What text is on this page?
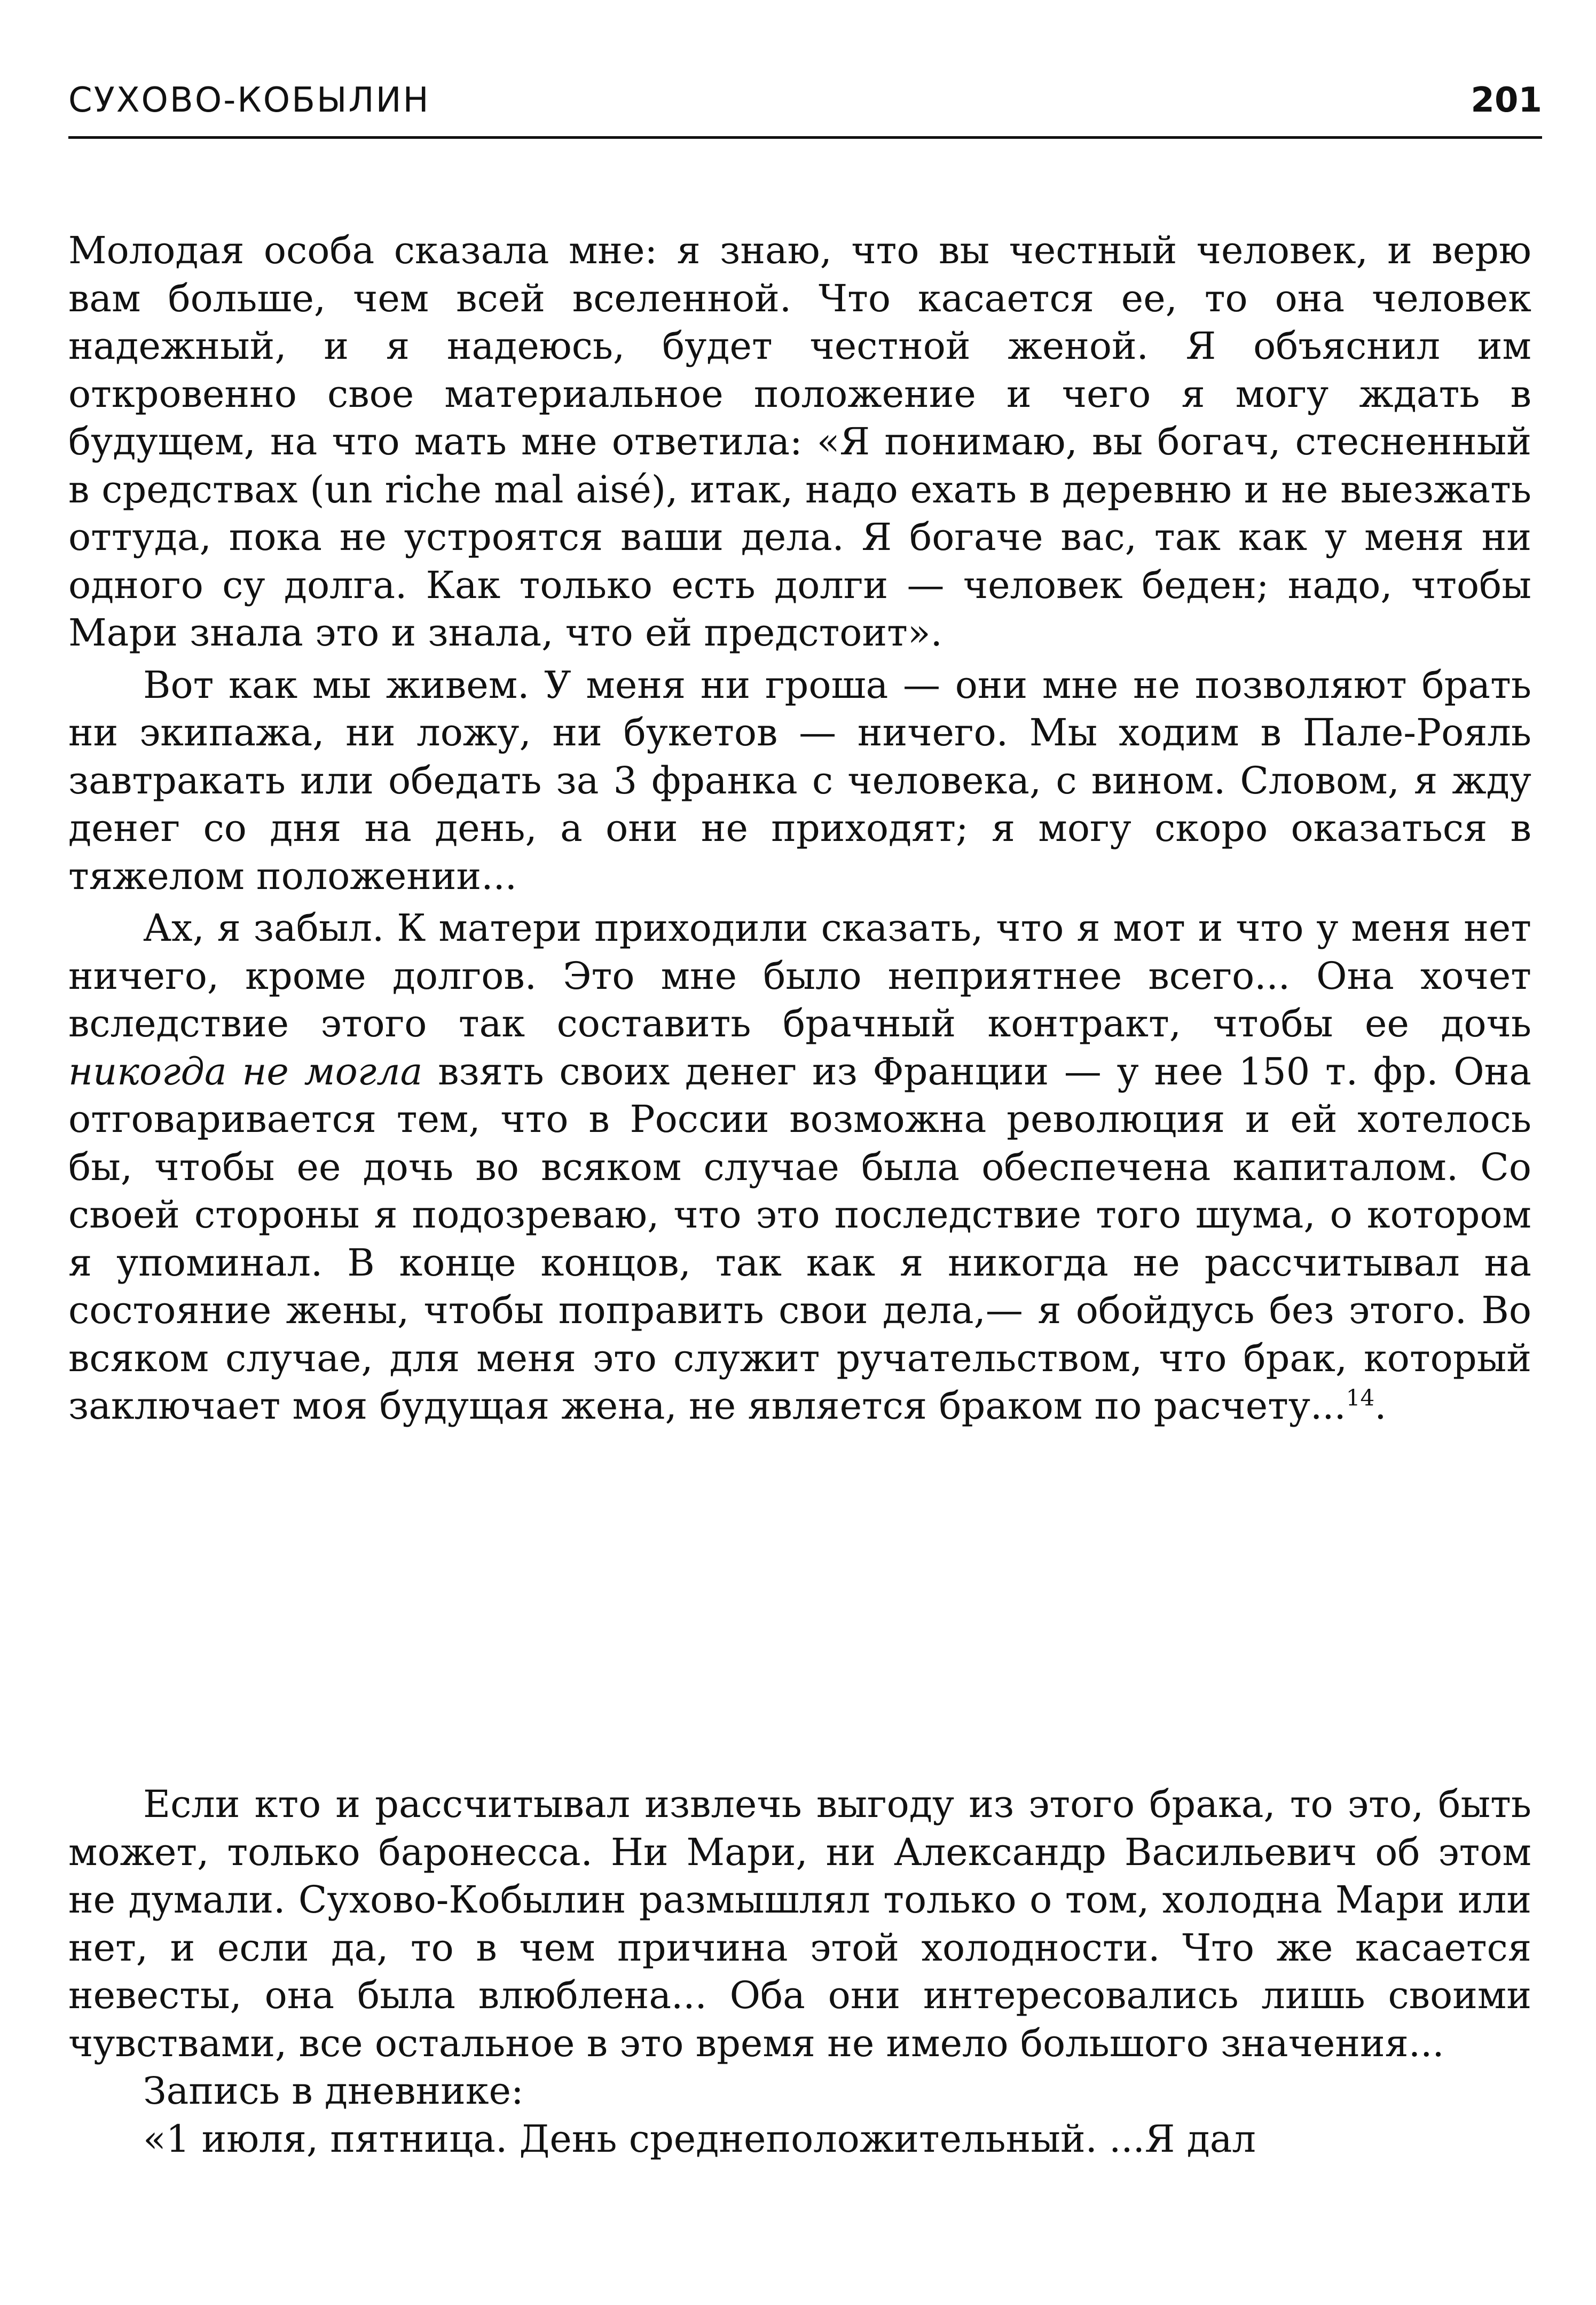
СУХОВО-КОБЫЛИН	201

Молодая особа сказала мне: я знаю, что вы честный человек, и верю вам больше, чем всей вселенной. Что касается ее, то она человек надежный, и я надеюсь, будет честной женой. Я объяснил им откровенно свое материальное положение и чего я могу ждать в будущем, на что мать мне ответила: «Я понимаю, вы богач, стесненный в средствах (un riche mal aisé), итак, надо ехать в деревню и не выезжать оттуда, пока не устроятся ваши дела. Я богаче вас, так как у меня ни одного су долга. Как только есть долги — человек беден; надо, чтобы Мари знала это и знала, что ей предстоит».

Вот как мы живем. У меня ни гроша — они мне не позволяют брать ни экипажа, ни ложу, ни букетов — ничего. Мы ходим в Пале-Рояль завтракать или обедать за 3 франка с человека, с вином. Словом, я жду денег со дня на день, а они не приходят; я могу скоро оказаться в тяжелом положении...

Ах, я забыл. К матери приходили сказать, что я мот и что у меня нет ничего, кроме долгов. Это мне было неприятнее всего... Она хочет вследствие этого так составить брачный контракт, чтобы ее дочь никогда не могла взять своих денег из Франции — у нее 150 т. фр. Она отговаривается тем, что в России возможна революция и ей хотелось бы, чтобы ее дочь во всяком случае была обеспечена капиталом. Со своей стороны я подозреваю, что это последствие того шума, о котором я упоминал. В конце концов, так как я никогда не рассчитывал на состояние жены, чтобы поправить свои дела,— я обойдусь без этого. Во всяком случае, для меня это служит ручательством, что брак, который заключает моя будущая жена, не является браком по расчету...$^{14}$.

Если кто и рассчитывал извлечь выгоду из этого брака, то это, быть может, только баронесса. Ни Мари, ни Александр Васильевич об этом не думали. Сухово-Кобылин размышлял только о том, холодна Мари или нет, и если да, то в чем причина этой холодности. Что же касается невесты, она была влюблена... Оба они интересовались лишь своими чувствами, все остальное в это время не имело большого значения...

Запись в дневнике:

«1 июля, пятница. День среднеположительный. ...Я дал
